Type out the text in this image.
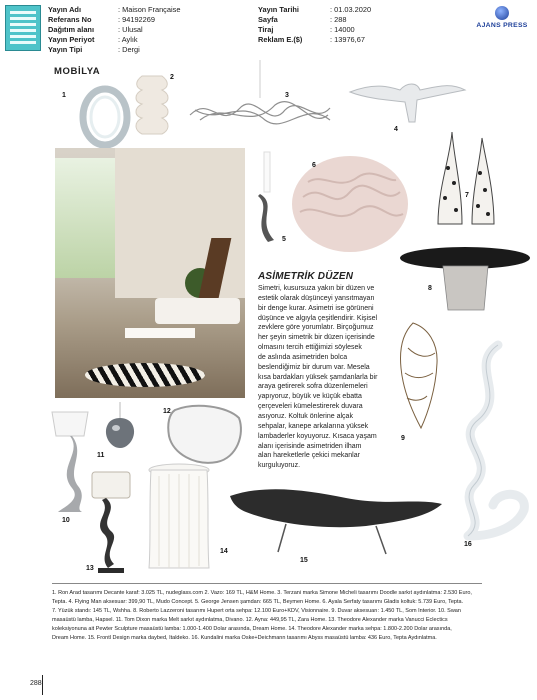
Yayın Adı	: Maison Française
Referans No	: 94192269
Dağıtım alanı	: Ulusal
Yayın Periyot	: Aylık
Yayın Tipi	: Dergi
Yayın Tarihi	: 01.03.2020
Sayfa	: 288
Tiraj	: 14000
Reklam E.($)	: 13976,67
AJANS PRESS
MOBİLYA
1
2
3
4
5
6
7
8
9
10
11
12
13
14
15
16
ASİMETRİK DÜZEN

Simetri, kusursuza yakın bir düzen ve

estetik olarak düşünceyi yansıtmayan

bir denge kurar. Asimetri ise görüneni

düşünce ve algıyla çeşitlendirir. Kişisel

zevklere göre yorumlatır. Birçoğumuz

her şeyin simetrik bir düzen içerisinde

olmasını tercih ettiğimizi söylesek

de aslında asimetriden bolca

beslendiğimiz bir durum var. Mesela

kısa bardakları yüksek şamdanlarla bir

araya getirerek sofra düzenlemeleri

yapıyoruz, büyük ve küçük ebatta

çerçeveleri kümelestirerek duvara

asıyoruz. Koltuk önlerine alçak

sehpalar, kanepe arkalarına yüksek

lambaderler koyuyoruz. Kısaca yaşam

alanı içerisinde asimetriden ilham

alan hareketlerle çekici mekanlar

kurguluyoruz.

1. Ron Arad tasarımı Decante karaf: 3.025 TL, nudeglass.com 2. Vazo: 169 TL, H&M Home. 3. Terzani marka Simone Micheli tasarımı Doodle sarkıt aydınlatma: 2.530 Euro,

Tepta. 4. Flying Man aksesuar: 399,90 TL, Mudo Concept. 5. George Jensen şamdan: 665 TL, Beymen Home. 6. Ayala Serfaty tasarımı Gladis koltuk: 5.739 Euro, Tepta.

7. Yüzük standı: 145 TL, Wshha. 8. Roberto Lazzeroni tasarımı Hupert orta sehpa: 12.100 Euro+KDV, Visionnaire. 9. Duvar aksesuarı: 1.450 TL, Som Interior. 10. Swan

masaüstü lamba, Hapsel. 11. Tom Dixon marka Melt sarkıt aydınlatma, Divano. 12. Ayna: 449,95 TL, Zara Home. 13. Theodore Alexander marka Vanucci Eclectics

koleksiyonuna ait Pewter Sculpture masaüstü lamba: 1.000-1.400 Dolar arasında, Dream Home. 14. Theodore Alexander marka sehpa: 1.800-2.200 Dolar arasında,

Dream Home. 15. Frontl Design marka daybed, Italdeko. 16. Kundalini marka Oske+Deichmann tasarımı Abyss masaüstü lamba: 436 Euro, Tepta Aydınlatma.

288
